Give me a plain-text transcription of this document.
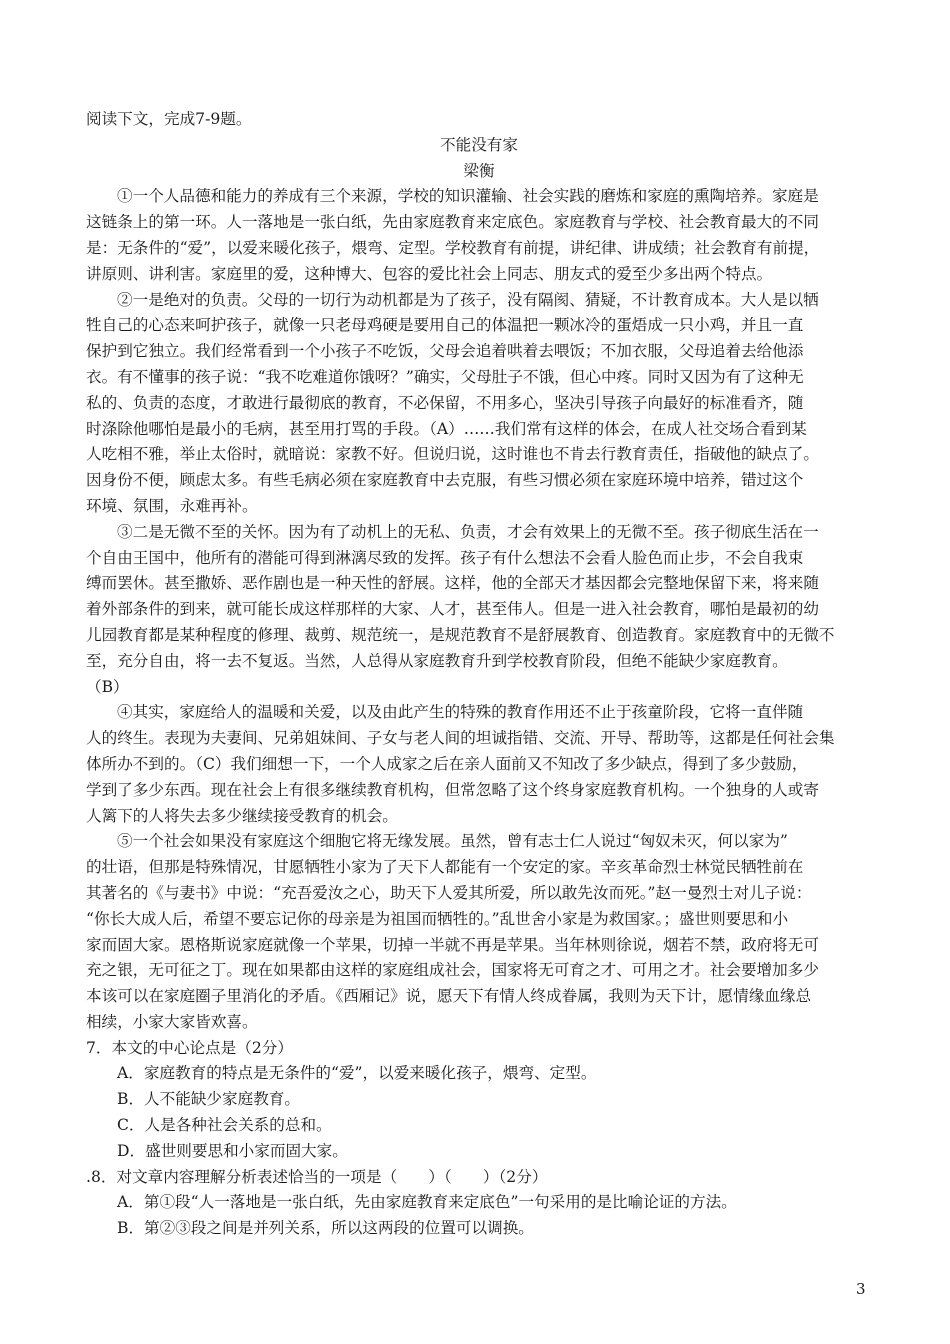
阅读下文，完成7-9题。

不能没有家

梁衡

①一个人品德和能力的养成有三个来源，学校的知识灌输、社会实践的磨炼和家庭的熏陶培养。家庭是

这链条上的第一环。人一落地是一张白纸，先由家庭教育来定底色。家庭教育与学校、社会教育最大的不同

是：无条件的“爱”，以爱来暖化孩子，煨弯、定型。学校教育有前提，讲纪律、讲成绩；社会教育有前提，

讲原则、讲利害。家庭里的爱，这种博大、包容的爱比社会上同志、朋友式的爱至少多出两个特点。

②一是绝对的负责。父母的一切行为动机都是为了孩子，没有隔阂、猜疑，不计教育成本。大人是以牺

牲自己的心态来呵护孩子，就像一只老母鸡硬是要用自己的体温把一颗冰冷的蛋焐成一只小鸡，并且一直

保护到它独立。我们经常看到一个小孩子不吃饭，父母会追着哄着去喂饭；不加衣服，父母追着去给他添

衣。有不懂事的孩子说：“我不吃难道你饿呀？”确实，父母肚子不饿，但心中疼。同时又因为有了这种无

私的、负责的态度，才敢进行最彻底的教育，不必保留，不用多心，坚决引导孩子向最好的标准看齐，随

时涤除他哪怕是最小的毛病，甚至用打骂的手段。（A）……我们常有这样的体会，在成人社交场合看到某

人吃相不雅，举止太俗时，就暗说：家教不好。但说归说，这时谁也不肯去行教育责任，指破他的缺点了。

因身份不便，顾虑太多。有些毛病必须在家庭教育中去克服，有些习惯必须在家庭环境中培养，错过这个

环境、氛围，永难再补。

③二是无微不至的关怀。因为有了动机上的无私、负责，才会有效果上的无微不至。孩子彻底生活在一

个自由王国中，他所有的潜能可得到淋漓尽致的发挥。孩子有什么想法不会看人脸色而止步，不会自我束

缚而罢休。甚至撒娇、恶作剧也是一种天性的舒展。这样，他的全部天才基因都会完整地保留下来，将来随

着外部条件的到来，就可能长成这样那样的大家、人才，甚至伟人。但是一进入社会教育，哪怕是最初的幼

儿园教育都是某种程度的修理、裁剪、规范统一，是规范教育不是舒展教育、创造教育。家庭教育中的无微不

至，充分自由，将一去不复返。当然，人总得从家庭教育升到学校教育阶段，但绝不能缺少家庭教育。

（B）

④其实，家庭给人的温暖和关爱，以及由此产生的特殊的教育作用还不止于孩童阶段，它将一直伴随

人的终生。表现为夫妻间、兄弟姐妹间、子女与老人间的坦诚指错、交流、开导、帮助等，这都是任何社会集

体所办不到的。（C）我们细想一下，一个人成家之后在亲人面前又不知改了多少缺点，得到了多少鼓励，

学到了多少东西。现在社会上有很多继续教育机构，但常忽略了这个终身家庭教育机构。一个独身的人或寄

人篱下的人将失去多少继续接受教育的机会。

⑤一个社会如果没有家庭这个细胞它将无缘发展。虽然，曾有志士仁人说过“匈奴未灭，何以家为”

的壮语，但那是特殊情况，甘愿牺牲小家为了天下人都能有一个安定的家。辛亥革命烈士林觉民牺牲前在

其著名的《与妻书》中说：“充吾爱汝之心，助天下人爱其所爱，所以敢先汝而死。”赵一曼烈士对儿子说：

“你长大成人后，希望不要忘记你的母亲是为祖国而牺牲的。”乱世舍小家是为救国家。；盛世则要思和小

家而固大家。恩格斯说家庭就像一个苹果，切掉一半就不再是苹果。当年林则徐说，烟若不禁，政府将无可

充之银，无可征之丁。现在如果都由这样的家庭组成社会，国家将无可育之才、可用之才。社会要增加多少

本该可以在家庭圈子里消化的矛盾。《西厢记》说，愿天下有情人终成眷属，我则为天下计，愿情缘血缘总

相续，小家大家皆欢喜。

7．本文的中心论点是（2分）

A．家庭教育的特点是无条件的“爱”，以爱来暖化孩子，煨弯、定型。

B．人不能缺少家庭教育。

C．人是各种社会关系的总和。

D．盛世则要思和小家而固大家。

.8．对文章内容理解分析表述恰当的一项是（　　）（　　）（2分）

A．第①段“人一落地是一张白纸，先由家庭教育来定底色”一句采用的是比喻论证的方法。

B．第②③段之间是并列关系，所以这两段的位置可以调换。

3
